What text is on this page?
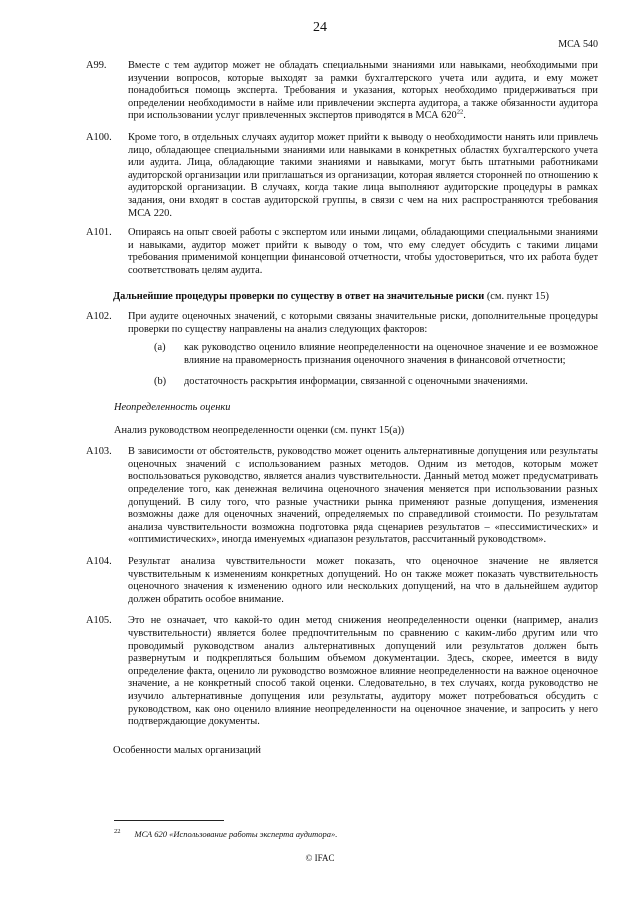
24
МСА 540
A99.	Вместе с тем аудитор может не обладать специальными знаниями или навыками, необходимыми при изучении вопросов, которые выходят за рамки бухгалтерского учета или аудита, и ему может понадобиться помощь эксперта. Требования и указания, которых необходимо придерживаться при определении необходимости в найме или привлечении эксперта аудитора, а также обязанности аудитора при использовании услуг привлеченных экспертов приводятся в МСА 620$^{22}$.
A100.	Кроме того, в отдельных случаях аудитор может прийти к выводу о необходимости нанять или привлечь лицо, обладающее специальными знаниями или навыками в конкретных областях бухгалтерского учета или аудита. Лица, обладающие такими знаниями и навыками, могут быть штатными работниками аудиторской организации или приглашаться из организации, которая является сторонней по отношению к аудиторской организации. В случаях, когда такие лица выполняют аудиторские процедуры в рамках задания, они входят в состав аудиторской группы, в связи с чем на них распространяются требования МСА 220.
A101.	Опираясь на опыт своей работы с экспертом или иными лицами, обладающими специальными знаниями и навыками, аудитор может прийти к выводу о том, что ему следует обсудить с такими лицами требования применимой концепции финансовой отчетности, чтобы удостовериться, что их работа будет соответствовать целям аудита.
Дальнейшие процедуры проверки по существу в ответ на значительные риски (см. пункт 15)
A102.	При аудите оценочных значений, с которыми связаны значительные риски, дополнительные процедуры проверки по существу направлены на анализ следующих факторов:
(a)	как руководство оценило влияние неопределенности на оценочное значение и ее возможное влияние на правомерность признания оценочного значения в финансовой отчетности;
(b)	достаточность раскрытия информации, связанной с оценочными значениями.
Неопределенность оценки
Анализ руководством неопределенности оценки (см. пункт 15(а))
A103.	В зависимости от обстоятельств, руководство может оценить альтернативные допущения или результаты оценочных значений с использованием разных методов. Одним из методов, которым может воспользоваться руководство, является анализ чувствительности. Данный метод может предусматривать определение того, как денежная величина оценочного значения меняется при использовании разных допущений. В силу того, что разные участники рынка применяют разные допущения, изменения возможны даже для оценочных значений, определяемых по справедливой стоимости. По результатам анализа чувствительности возможна подготовка ряда сценариев результатов – «пессимистических» и «оптимистических», иногда именуемых «диапазон результатов, рассчитанный руководством».
A104.	Результат анализа чувствительности может показать, что оценочное значение не является чувствительным к изменениям конкретных допущений. Но он также может показать чувствительность оценочного значения к изменению одного или нескольких допущений, на что в дальнейшем аудитор должен обратить особое внимание.
A105.	Это не означает, что какой-то один метод снижения неопределенности оценки (например, анализ чувствительности) является более предпочтительным по сравнению с каким-либо другим или что проводимый руководством анализ альтернативных допущений или результатов должен быть развернутым и подкрепляться большим объемом документации. Здесь, скорее, имеется в виду определение факта, оценило ли руководство возможное влияние неопределенности на важное оценочное значение, а не конкретный способ такой оценки. Следовательно, в тех случаях, когда руководство не изучило альтернативные допущения или результаты, аудитору может потребоваться обсудить с руководством, как оно оценило влияние неопределенности на оценочное значение, и запросить у него подтверждающие документы.
Особенности малых организаций
$^{22}$ МСА 620 «Использование работы эксперта аудитора».
© IFAC
